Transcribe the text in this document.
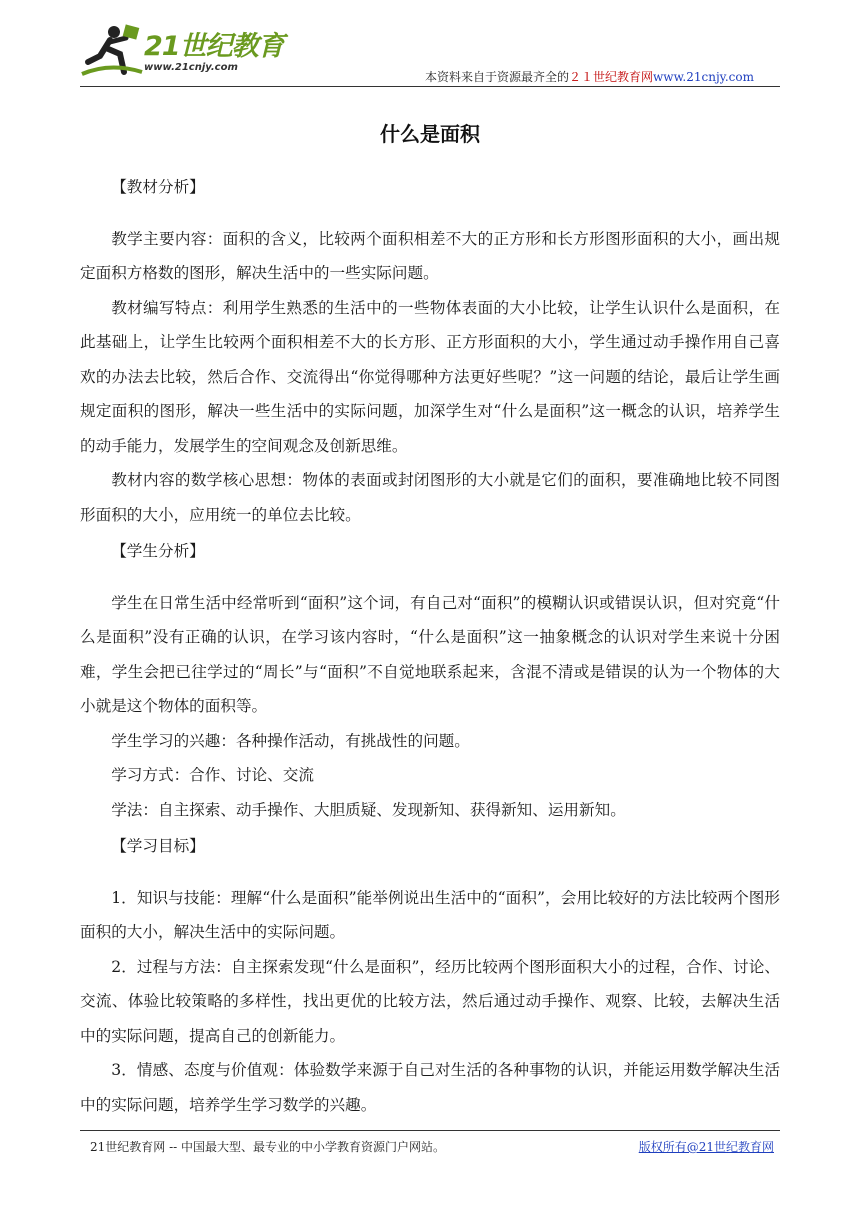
21世纪教育
www.21cnjy.com
本资料来自于资源最齐全的２１世纪教育网www.21cnjy.com
什么是面积

【教材分析】

教学主要内容：面积的含义，比较两个面积相差不大的正方形和长方形图形面积的大小，画出规定面积方格数的图形，解决生活中的一些实际问题。

教材编写特点：利用学生熟悉的生活中的一些物体表面的大小比较，让学生认识什么是面积，在此基础上，让学生比较两个面积相差不大的长方形、正方形面积的大小，学生通过动手操作用自己喜欢的办法去比较，然后合作、交流得出“你觉得哪种方法更好些呢？”这一问题的结论，最后让学生画规定面积的图形，解决一些生活中的实际问题，加深学生对“什么是面积”这一概念的认识，培养学生的动手能力，发展学生的空间观念及创新思维。

教材内容的数学核心思想：物体的表面或封闭图形的大小就是它们的面积，要准确地比较不同图形面积的大小，应用统一的单位去比较。

【学生分析】

学生在日常生活中经常听到“面积”这个词，有自己对“面积”的模糊认识或错误认识，但对究竟“什么是面积”没有正确的认识，在学习该内容时，“什么是面积”这一抽象概念的认识对学生来说十分困难，学生会把已往学过的“周长”与“面积”不自觉地联系起来，含混不清或是错误的认为一个物体的大小就是这个物体的面积等。

学生学习的兴趣：各种操作活动，有挑战性的问题。

学习方式：合作、讨论、交流

学法：自主探索、动手操作、大胆质疑、发现新知、获得新知、运用新知。

【学习目标】

1．知识与技能：理解“什么是面积”能举例说出生活中的“面积”，会用比较好的方法比较两个图形面积的大小，解决生活中的实际问题。

2．过程与方法：自主探索发现“什么是面积”，经历比较两个图形面积大小的过程，合作、讨论、交流、体验比较策略的多样性，找出更优的比较方法，然后通过动手操作、观察、比较，去解决生活中的实际问题，提高自己的创新能力。

3．情感、态度与价值观：体验数学来源于自己对生活的各种事物的认识，并能运用数学解决生活中的实际问题，培养学生学习数学的兴趣。

21世纪教育网 -- 中国最大型、最专业的中小学教育资源门户网站。	版权所有@21世纪教育网
